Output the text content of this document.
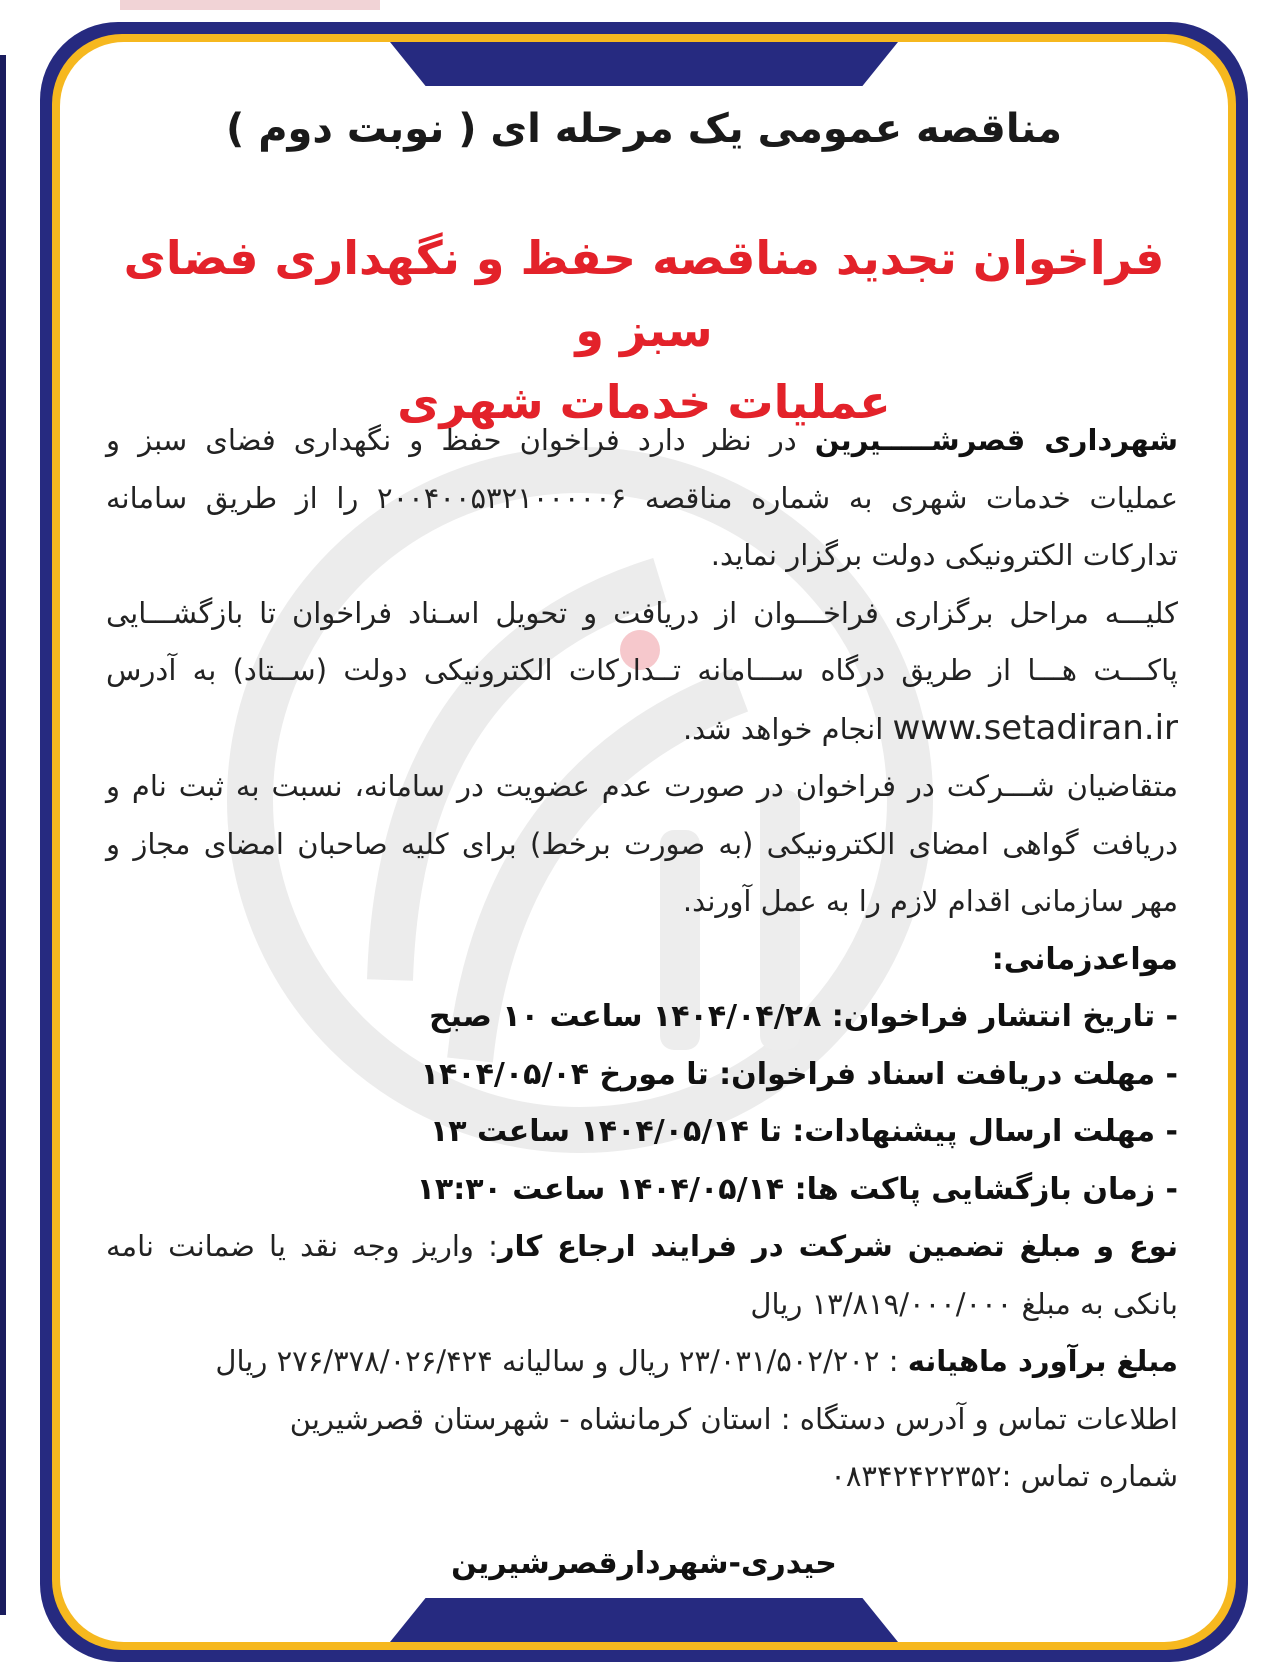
مناقصه عمومی یک مرحله ای ( نوبت دوم )
فراخوان تجدید مناقصه حفظ و نگهداری فضای سبز و
عملیات خدمات شهری

شهرداری قصرشـــــیرین در نظر دارد فراخوان حفظ و نگهداری فضای سبز و عملیات خدمات شهری به شماره مناقصه ۲۰۰۴۰۰۵۳۲۱۰۰۰۰۰۶ را از طریق سامانه تدارکات الکترونیکی دولت برگزار نماید.

کلیـــه مراحل برگزاری فراخـــوان از دریافت و تحویل اسـناد فراخوان تا بازگشـــایی پاکـــت هـــا از طریق درگاه ســـامانه تــدارکات الکترونیکی دولت (ســتاد) به آدرس www.setadiran.ir انجام خواهد شد.

متقاضیان شـــرکت در فراخوان در صورت عدم عضویت در سامانه، نسبت به ثبت نام و دریافت گواهی امضای الکترونیکی (به صورت برخط) برای کلیه صاحبان امضای مجاز و مهر سازمانی اقدام لازم را به عمل آورند.

مواعدزمانی:

- تاریخ انتشار فراخوان: ۱۴۰۴/۰۴/۲۸ ساعت ۱۰ صبح

- مهلت دریافت اسناد فراخوان: تا مورخ ۱۴۰۴/۰۵/۰۴

- مهلت ارسال پیشنهادات: تا ۱۴۰۴/۰۵/۱۴ ساعت ۱۳

- زمان بازگشایی پاکت ها: ۱۴۰۴/۰۵/۱۴ ساعت ۱۳:۳۰

نوع و مبلغ تضمین شرکت در فرایند ارجاع کار: واریز وجه نقد یا ضمانت نامه بانکی به مبلغ ۱۳/۸۱۹/۰۰۰/۰۰۰ ریال

مبلغ برآورد ماهیانه : ۲۳/۰۳۱/۵۰۲/۲۰۲ ریال و سالیانه ۲۷۶/۳۷۸/۰۲۶/۴۲۴ ریال

اطلاعات تماس و آدرس دستگاه : استان کرمانشاه - شهرستان قصرشیرین

شماره تماس :۰۸۳۴۲۴۲۲۳۵۲

حیدری-شهردارقصرشیرین
